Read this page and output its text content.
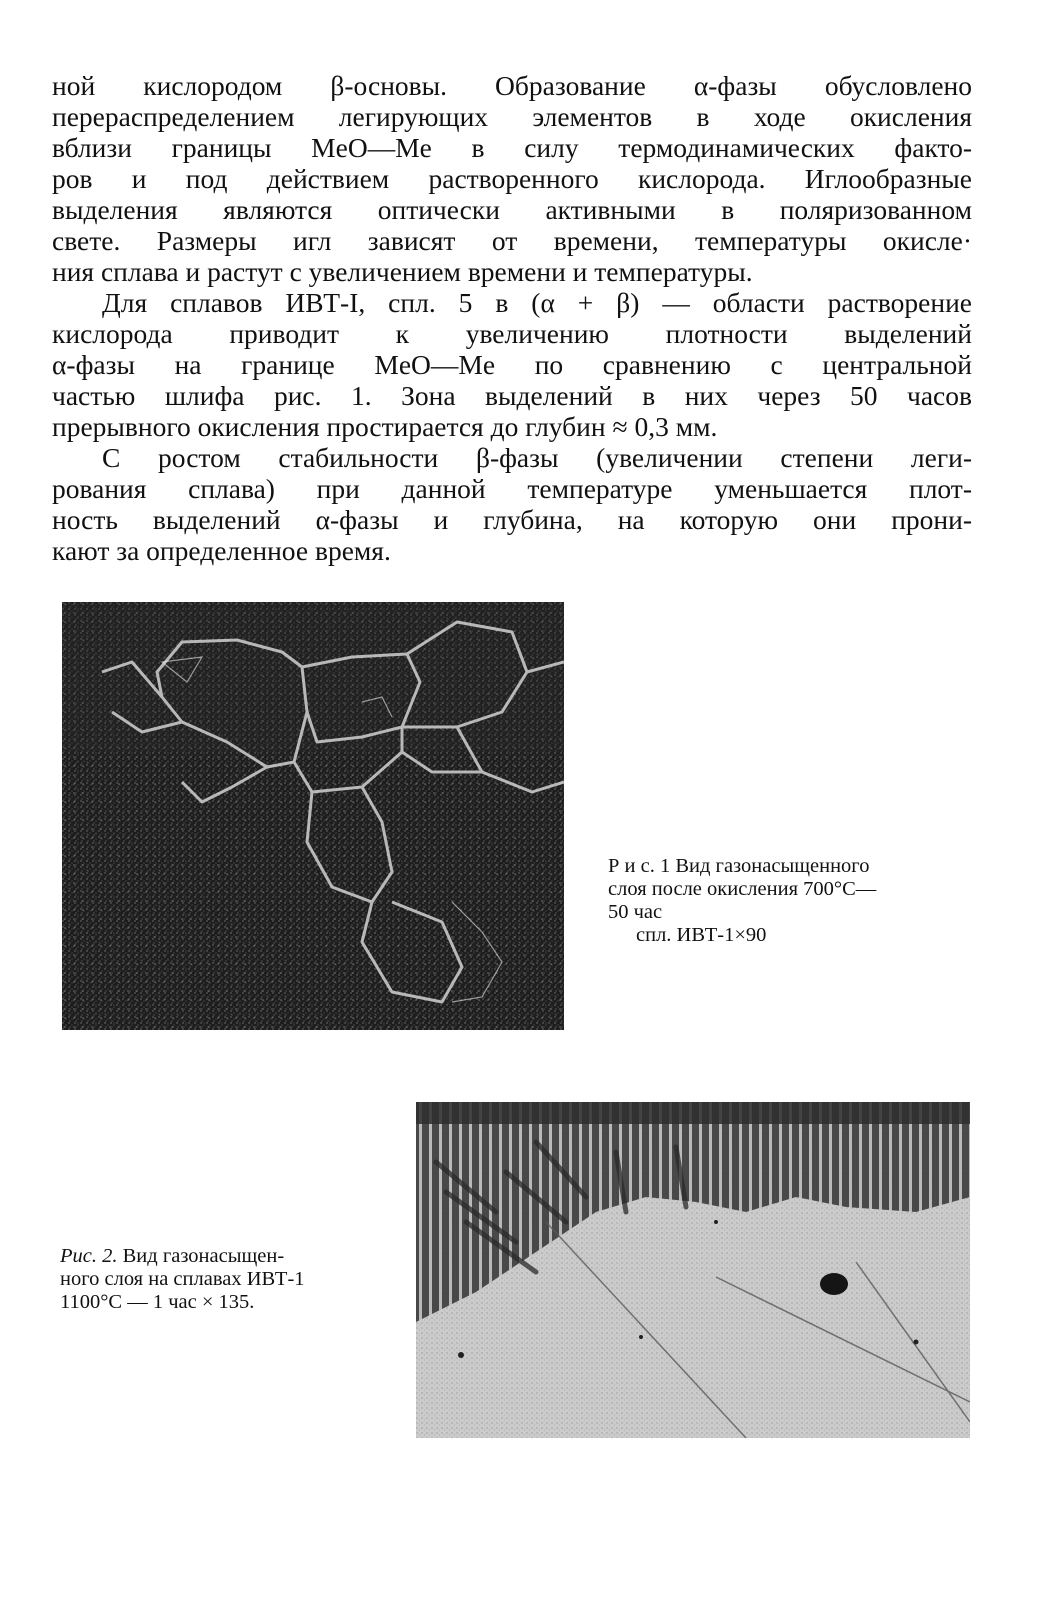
ной кислородом β-основы. Образование α-фазы обусловлено
перераспределением легирующих элементов в ходе окисления
вблизи границы MeO—Me в силу термодинамических факто-
ров и под действием растворенного кислорода. Иглообразные
выделения являются оптически активными в поляризованном
свете. Размеры игл зависят от времени, температуры окисле·
ния сплава и растут с увеличением времени и температуры.
Для сплавов ИВТ-I, спл. 5 в (α + β) — области растворение
кислорода приводит к увеличению плотности выделений
α-фазы на границе MeO—Me по сравнению с центральной
частью шлифа рис. 1. Зона выделений в них через 50 часов
прерывного окисления простирается до глубин ≈ 0,3 мм.
С ростом стабильности β-фазы (увеличении степени леги-
рования сплава) при данной температуре уменьшается плот-
ность выделений α-фазы и глубина, на которую они прони-
кают за определенное время.
Р и с. 1 Вид газонасыщенного
слоя после окисления 700°С—
50 час
спл. ИВТ-1×90
Рис. 2. Вид газонасыщен-
ного слоя на сплавах ИВТ-1
1100°С — 1 час × 135.
